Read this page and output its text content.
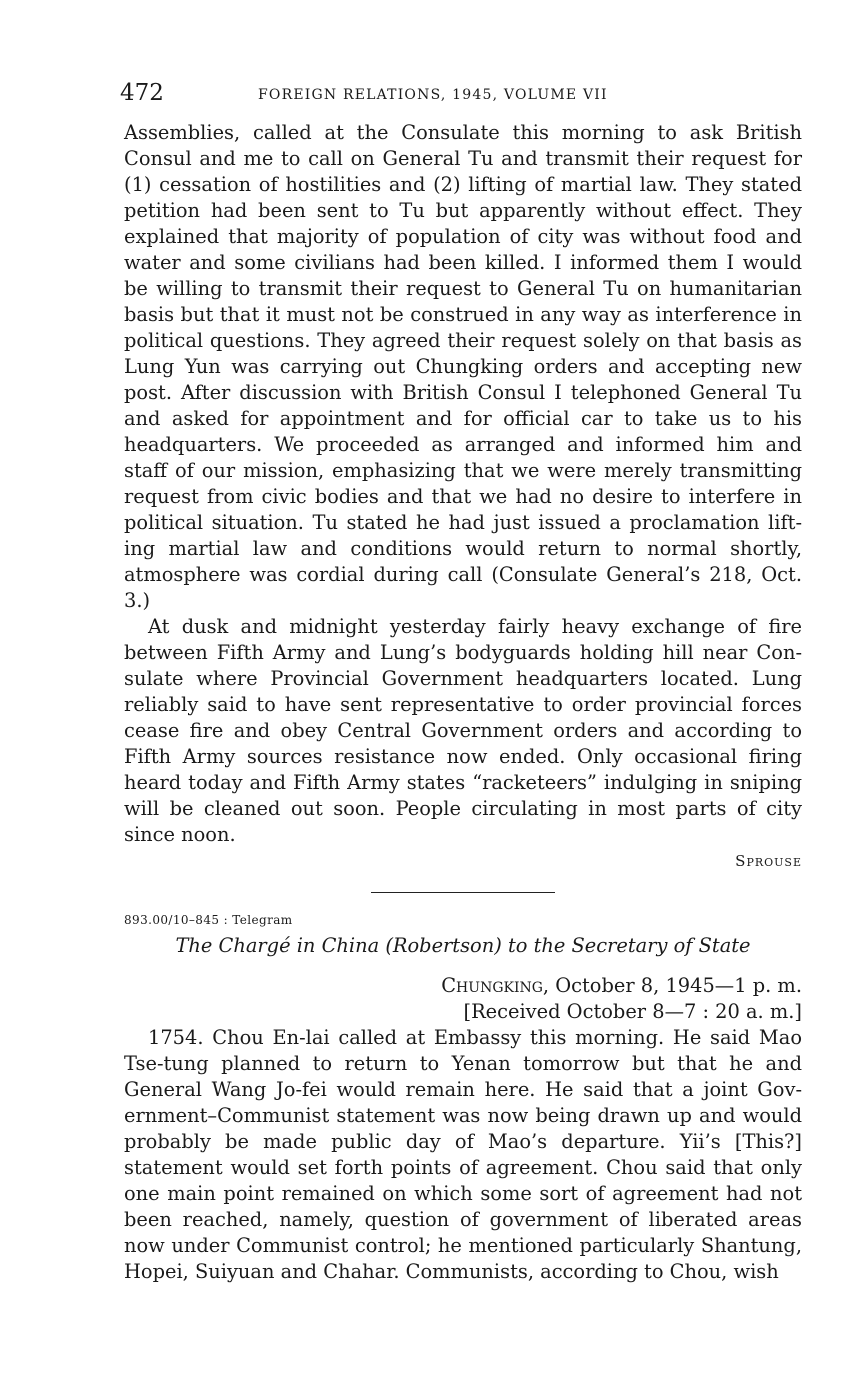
472	FOREIGN RELATIONS, 1945, VOLUME VII

Assemblies, called at the Consulate this morning to ask British Consul and me to call on General Tu and transmit their request for (1) cessation of hostilities and (2) lifting of martial law. They stated petition had been sent to Tu but apparently without effect. They explained that majority of population of city was without food and water and some civilians had been killed. I informed them I would be willing to transmit their request to General Tu on humanitarian basis but that it must not be construed in any way as interference in political questions. They agreed their request solely on that basis as Lung Yun was carrying out Chungking orders and accepting new post. After discussion with British Consul I telephoned General Tu and asked for appointment and for official car to take us to his headquarters. We proceeded as arranged and informed him and staff of our mission, emphasizing that we were merely transmitting request from civic bodies and that we had no desire to interfere in political situation. Tu stated he had just issued a proclamation lifting martial law and conditions would return to normal shortly, atmosphere was cordial during call (Consulate General’s 218, Oct. 3.)

At dusk and midnight yesterday fairly heavy exchange of fire between Fifth Army and Lung’s bodyguards holding hill near Consulate where Provincial Government headquarters located. Lung reliably said to have sent representative to order provincial forces cease fire and obey Central Government orders and according to Fifth Army sources resistance now ended. Only occasional firing heard today and Fifth Army states “racketeers” indulging in sniping will be cleaned out soon. People circulating in most parts of city since noon.

Sprouse
893.00/10–845 : Telegram
The Chargé in China (Robertson) to the Secretary of State
Chungking, October 8, 1945—1 p. m.
[Received October 8—7 : 20 a. m.]

1754. Chou En-lai called at Embassy this morning. He said Mao Tse-tung planned to return to Yenan tomorrow but that he and General Wang Jo-fei would remain here. He said that a joint Government–Communist statement was now being drawn up and would probably be made public day of Mao’s departure. Yii’s [This?] statement would set forth points of agreement. Chou said that only one main point remained on which some sort of agreement had not been reached, namely, question of government of liberated areas now under Communist control; he mentioned particularly Shantung, Hopei, Suiyuan and Chahar. Communists, according to Chou, wish
